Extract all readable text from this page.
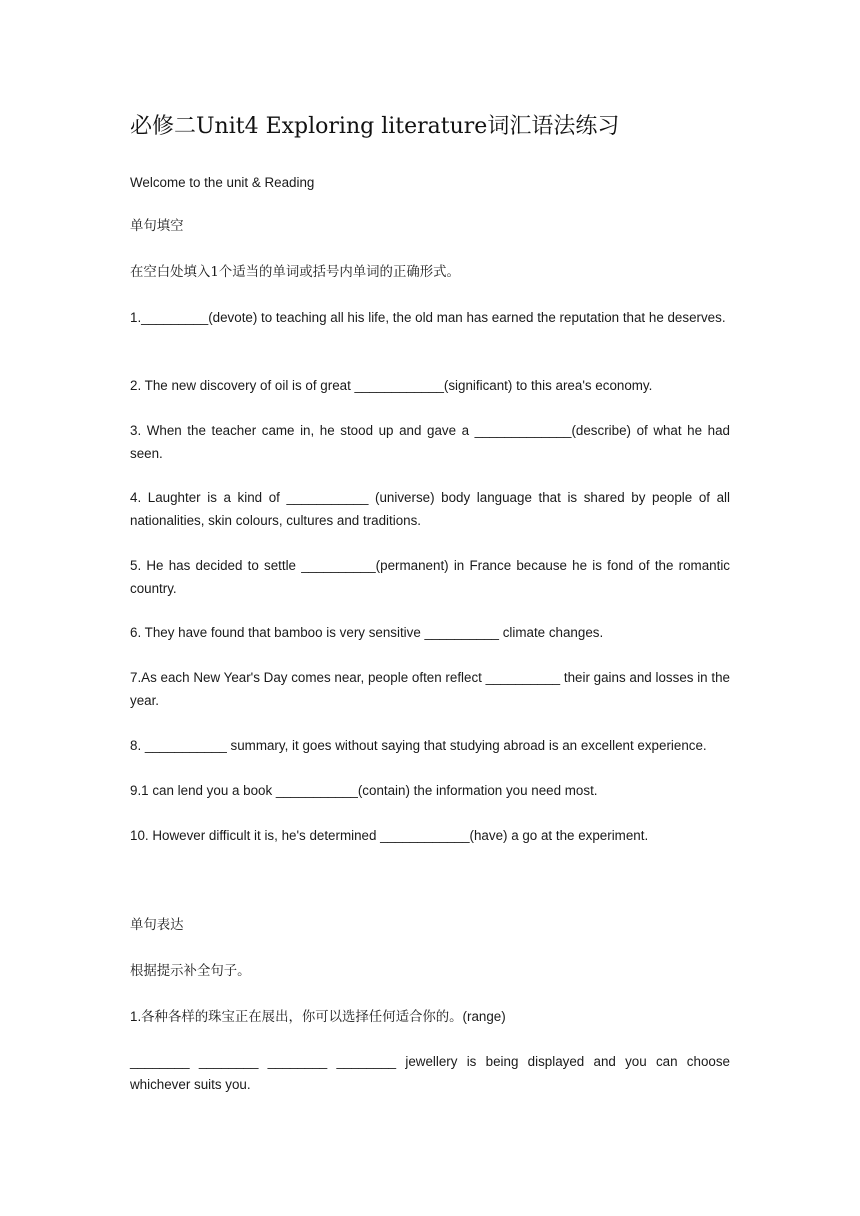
必修二Unit4 Exploring literature词汇语法练习
Welcome to the unit & Reading
单句填空
在空白处填入1个适当的单词或括号内单词的正确形式。
1._________(devote) to teaching all his life, the old man has earned the reputation that he deserves.
2. The new discovery of oil is of great ____________(significant) to this area's economy.
3. When the teacher came in, he stood up and gave a _____________(describe) of what he had seen.
4. Laughter is a kind of ___________ (universe) body language that is shared by people of all nationalities, skin colours, cultures and traditions.
5. He has decided to settle __________(permanent) in France because he is fond of the romantic country.
6. They have found that bamboo is very sensitive __________ climate changes.
7.As each New Year's Day comes near, people often reflect __________ their gains and losses in the year.
8. ___________ summary, it goes without saying that studying abroad is an excellent experience.
9.1 can lend you a book ___________(contain) the information you need most.
10. However difficult it is, he's determined ____________(have) a go at the experiment.
单句表达
根据提示补全句子。
1.各种各样的珠宝正在展出，你可以选择任何适合你的。(range)
________ ________ ________ ________ jewellery is being displayed and you can choose whichever suits you.
